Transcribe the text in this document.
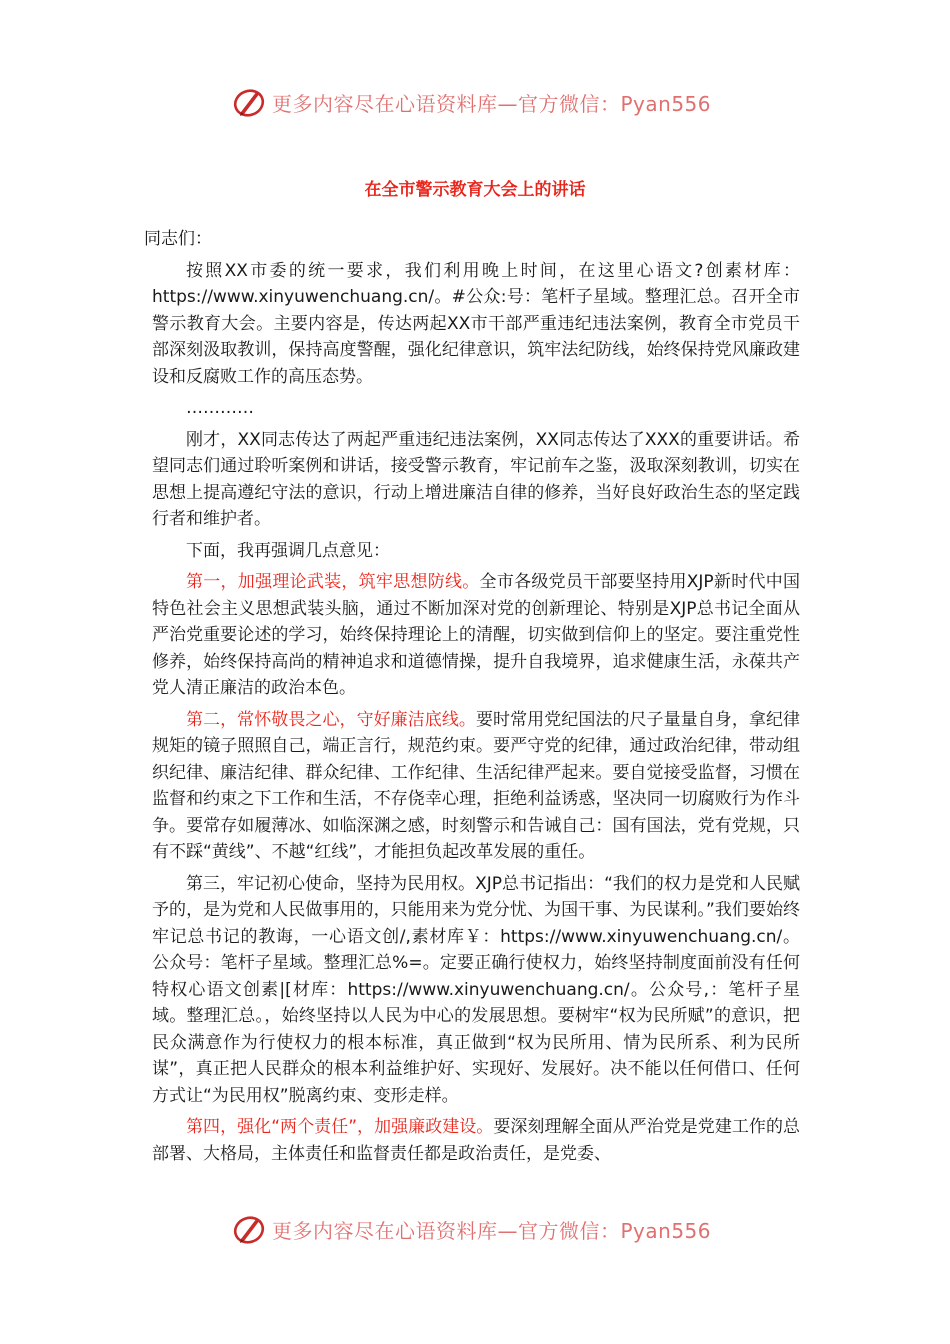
更多内容尽在心语资料库—官方微信：Pyan556
在全市警示教育大会上的讲话

同志们：

按照XX市委的统一要求，我们利用晚上时间，在这里心语文?创素材库：https://www.xinyuwenchuang.cn/。#公众:号：笔杆子星域。整理汇总。召开全市警示教育大会。主要内容是，传达两起XX市干部严重违纪违法案例，教育全市党员干部深刻汲取教训，保持高度警醒，强化纪律意识，筑牢法纪防线，始终保持党风廉政建设和反腐败工作的高压态势。

…………

刚才，XX同志传达了两起严重违纪违法案例，XX同志传达了XXX的重要讲话。希望同志们通过聆听案例和讲话，接受警示教育，牢记前车之鉴，汲取深刻教训，切实在思想上提高遵纪守法的意识，行动上增进廉洁自律的修养，当好良好政治生态的坚定践行者和维护者。

下面，我再强调几点意见：

第一，加强理论武装，筑牢思想防线。全市各级党员干部要坚持用XJP新时代中国特色社会主义思想武装头脑，通过不断加深对党的创新理论、特别是XJP总书记全面从严治党重要论述的学习，始终保持理论上的清醒，切实做到信仰上的坚定。要注重党性修养，始终保持高尚的精神追求和道德情操，提升自我境界，追求健康生活，永葆共产党人清正廉洁的政治本色。

第二，常怀敬畏之心，守好廉洁底线。要时常用党纪国法的尺子量量自身，拿纪律规矩的镜子照照自己，端正言行，规范约束。要严守党的纪律，通过政治纪律，带动组织纪律、廉洁纪律、群众纪律、工作纪律、生活纪律严起来。要自觉接受监督，习惯在监督和约束之下工作和生活，不存侥幸心理，拒绝利益诱惑，坚决同一切腐败行为作斗争。要常存如履薄冰、如临深渊之感，时刻警示和告诫自己：国有国法，党有党规，只有不踩“黄线”、不越“红线”，才能担负起改革发展的重任。

第三，牢记初心使命，坚持为民用权。XJP总书记指出：“我们的权力是党和人民赋予的，是为党和人民做事用的，只能用来为党分忧、为国干事、为民谋利。”我们要始终牢记总书记的教诲，一心语文创/,素材库￥：https://www.xinyuwenchuang.cn/。公众号：笔杆子星域。整理汇总%=。定要正确行使权力，始终坚持制度面前没有任何特权心语文创素|[材库：https://www.xinyuwenchuang.cn/。公众号,：笔杆子星域。整理汇总。，始终坚持以人民为中心的发展思想。要树牢“权为民所赋”的意识，把民众满意作为行使权力的根本标准，真正做到“权为民所用、情为民所系、利为民所谋”，真正把人民群众的根本利益维护好、实现好、发展好。决不能以任何借口、任何方式让“为民用权”脱离约束、变形走样。

第四，强化“两个责任”，加强廉政建设。要深刻理解全面从严治党是党建工作的总部署、大格局，主体责任和监督责任都是政治责任，是党委、

更多内容尽在心语资料库—官方微信：Pyan556
